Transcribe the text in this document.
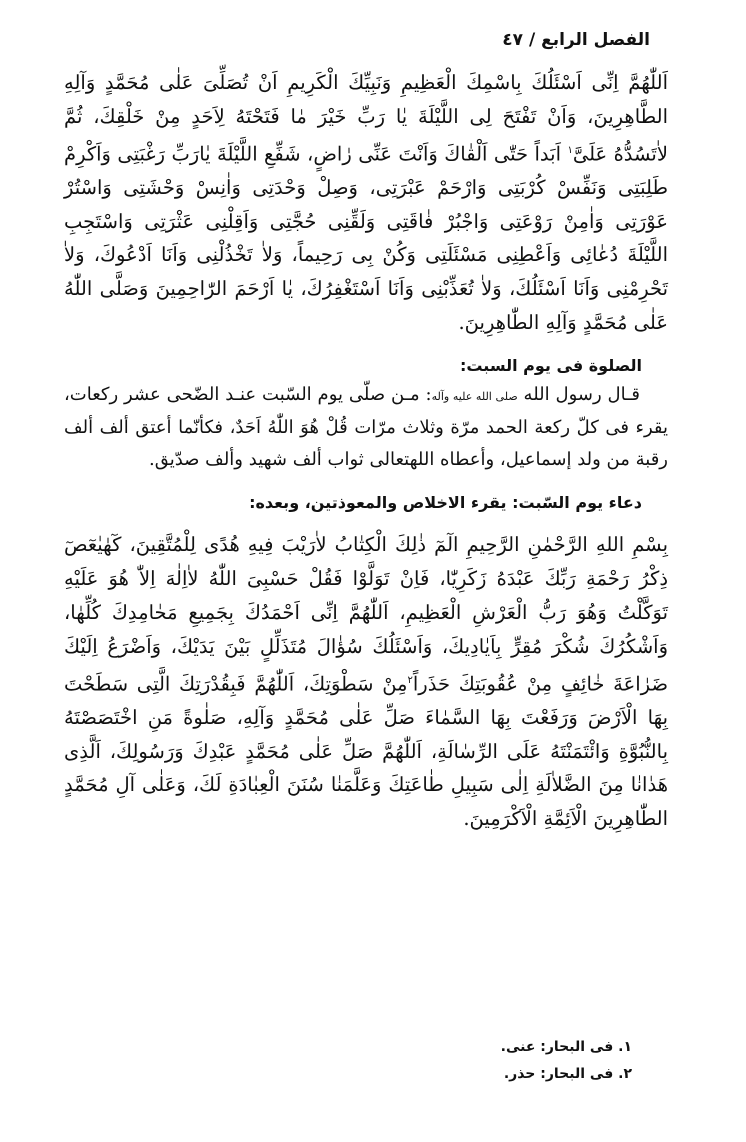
الفصل الرابع / ٤٧

اَللّٰهُمَّ اِنِّی اَسْئَلُكَ بِاسْمِكَ الْعَظِیمِ وَنَبِیِّكَ الْكَرِیمِ اَنْ تُصَلِّیَ عَلٰی مُحَمَّدٍ وَآلِهِ الطَّاهِرِینَ، وَاَنْ تَفْتَحَ لِی اللَّیْلَةَ یٰا رَبِّ خَیْرَ مٰا فَتَحْتَهُ لِاَحَدٍ مِنْ خَلْقِكَ، ثُمَّ لاٰتَسُدُّهُ عَلَیَّ$^١$ اَبَداً حَتّٰی اَلْقٰاكَ وَاَنْتَ عَنِّی رٰاضٍ، شَفِّعِ اللَّیْلَةَ یٰارَبِّ رَغْبَتِی وَاَكْرِمْ طَلِبَتِی وَنَفِّسْ كُرْبَتِی وَارْحَمْ عَبْرَتِی، وَصِلْ وَحْدَتِی وَاٰنِسْ وَحْشَتِی وَاسْتُرْ عَوْرَتِی وَاٰمِنْ رَوْعَتِی وَاجْبُرْ فٰاقَتِی وَلَقِّنِی حُجَّتِی وَاَقِلْنِی عَثْرَتِی وَاسْتَجِبِ اللَّیْلَةَ دُعٰائِی وَاَعْطِنِی مَسْئَلَتِی وَكُنْ بِی رَحِیماً، وَلاٰ تَخْذُلْنِی وَاَنَا اَدْعُوكَ، وَلاٰ تَحْرِمْنِی وَاَنَا اَسْئَلُكَ، وَلاٰ تُعَذِّبْنِی وَاَنَا اَسْتَغْفِرُكَ، یٰا اَرْحَمَ الرّٰاحِمِینَ وَصَلَّی اللّٰهُ عَلٰی مُحَمَّدٍ وَآلِهِ الطّٰاهِرِینَ.

الصلوة فى يوم السبت:

قـال رسول الله صلى الله عليه وآله: مـن صلّى يوم السّبت عنـد الضّحى عشر ركعات، يقرء فی كلّ ركعة الحمد مرّة وثلاث مرّات قُلْ هُوَ اللّٰهُ اَحَدٌ، فكأنّما أعتق ألف ألف رقبة من ولد إسماعيل، وأعطاه اللهتعالى ثواب ألف شهيد وألف صدّيق.

دعاء يوم السّبت: يقرء الاخلاص والمعوذتين، وبعده:

بِسْمِ اللهِ الرَّحْمٰنِ الرَّحِیمِ الٓمٓ ذٰلِكَ الْكِتٰابُ لاٰرَیْبَ فِیهِ هُدًی لِلْمُتَّقِینَ، كٓهٰیٰعٓصٓ ذِكْرُ رَحْمَةِ رَبِّكَ عَبْدَهُ زَكَرِیّٰا، فَاِنْ تَوَلَّوْا فَقُلْ حَسْبِیَ اللّٰهُ لاٰاِلٰهَ اِلاّٰ هُوَ عَلَیْهِ تَوَكَّلْتُ وَهُوَ رَبُّ الْعَرْشِ الْعَظِیمِ، اَللّٰهُمَّ اِنِّی اَحْمَدُكَ بِجَمِیعِ مَحٰامِدِكَ كُلِّهٰا، وَاَشْكُرُكَ شُكْرَ مُقِرٍّ بِاَیٰادِیكَ، وَاَسْئَلُكَ سُؤٰالَ مُتَذَلِّلٍ بَیْنَ یَدَیْكَ، وَاَضْرَعُ اِلَیْكَ ضَرٰاعَةَ خٰائِفٍ مِنْ عُقُوبَتِكَ حَذَراً$^٢$مِنْ سَطْوَتِكَ، اَللّٰهُمَّ فَبِقُدْرَتِكَ الَّتِی سَطَحْتَ بِهَا الْاَرْضَ وَرَفَعْتَ بِهَا السَّمٰاءَ صَلِّ عَلٰی مُحَمَّدٍ وَآلِهِ، صَلٰوةً مَنِ اخْتَصَصْتَهُ بِالنُّبُوَّةِ وَائْتَمَنْتَهُ عَلَی الرِّسٰالَةِ، اَللّٰهُمَّ صَلِّ عَلٰی مُحَمَّدٍ عَبْدِكَ وَرَسُولِكَ، اَلَّذِی هَدٰانٰا مِنَ الضَّلاٰلَةِ اِلٰی سَبِیلِ طٰاعَتِكَ وَعَلَّمَنٰا سُنَنَ الْعِبٰادَةِ لَكَ، وَعَلٰی آلِ مُحَمَّدٍ الطّٰاهِرِینَ الْاَئِمَّةِ الْاَكْرَمِینَ.

١. فی البحار: عنی.
٢. فی البحار: حذر.
